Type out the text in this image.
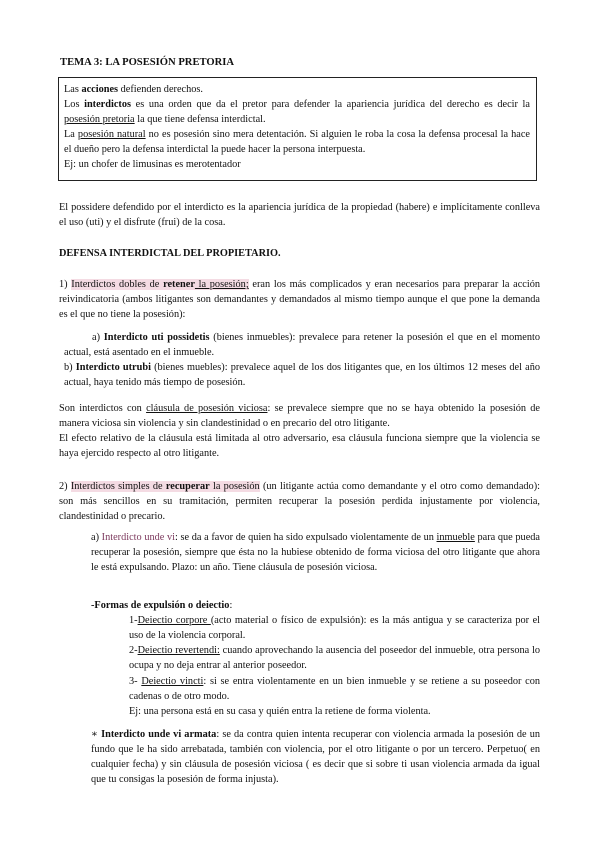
TEMA 3: LA POSESIÓN PRETORIA
Las acciones defienden derechos.
Los interdictos es una orden que da el pretor para defender la apariencia jurídica del derecho es decir la posesión pretoria la que tiene defensa interdictal.
La posesión natural no es posesión sino mera detentación. Si alguien le roba la cosa la defensa procesal la hace el dueño pero la defensa interdictal la puede hacer la persona interpuesta.
Ej: un chofer de limusinas es merotentador
El possidere defendido por el interdicto es la apariencia jurídica de la propiedad (habere) e implícitamente conlleva el uso (uti) y el disfrute (frui) de la cosa.
DEFENSA INTERDICTAL DEL PROPIETARIO.
1) Interdictos dobles de retener la posesión; eran los más complicados y eran necesarios para preparar la acción reivindicatoria (ambos litigantes son demandantes y demandados al mismo tiempo aunque el que pone la demanda es el que no tiene la posesión):
a) Interdicto uti possidetis (bienes inmuebles): prevalece para retener la posesión el que en el momento actual, está asentado en el inmueble.
b) Interdicto utrubi (bienes muebles): prevalece aquel de los dos litigantes que, en los últimos 12 meses del año actual, haya tenido más tiempo de posesión.
Son interdictos con cláusula de posesión viciosa: se prevalece siempre que no se haya obtenido la posesión de manera viciosa sin violencia y sin clandestinidad o en precario del otro litigante.
El efecto relativo de la cláusula está limitada al otro adversario, esa cláusula funciona siempre que la violencia se haya ejercido respecto al otro litigante.
2) Interdictos simples de recuperar la posesión (un litigante actúa como demandante y el otro como demandado): son más sencillos en su tramitación, permiten recuperar la posesión perdida injustamente por violencia, clandestinidad o precario.
a) Interdicto unde vi: se da a favor de quien ha sido expulsado violentamente de un inmueble para que pueda recuperar la posesión, siempre que ésta no la hubiese obtenido de forma viciosa del otro litigante que ahora le está expulsando. Plazo: un año. Tiene cláusula de posesión viciosa.
-Formas de expulsión o deiectio:
1-Deiectio corpore (acto material o físico de expulsión): es la más antigua y se caracteriza por el uso de la violencia corporal.
2-Deiectio revertendi: cuando aprovechando la ausencia del poseedor del inmueble, otra persona lo ocupa y no deja entrar al anterior poseedor.
3- Deiectio vincti: si se entra violentamente en un bien inmueble y se retiene a su poseedor con cadenas o de otro modo.
Ej: una persona está en su casa y quién entra la retiene de forma violenta.
∗ Interdicto unde vi armata: se da contra quien intenta recuperar con violencia armada la posesión de un fundo que le ha sido arrebatada, también con violencia, por el otro litigante o por un tercero. Perpetuo( en cualquier fecha) y sin cláusula de posesión viciosa ( es decir que si sobre ti usan violencia armada da igual que tu consigas la posesión de forma injusta).
